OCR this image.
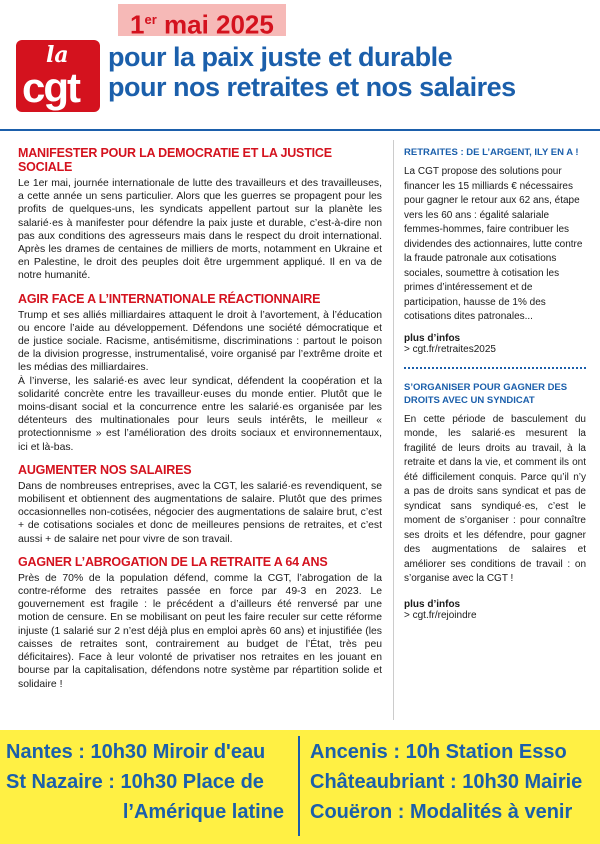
la
cgt
1er mai 2025
pour la paix juste et durable
pour nos retraites et nos salaires
MANIFESTER POUR LA DEMOCRATIE ET LA JUSTICE SOCIALE

Le 1er mai, journée internationale de lutte des travailleurs et des travailleuses, a cette année un sens particulier. Alors que les guerres se propagent pour les profits de quelques-uns, les syndicats appellent partout sur la planète les salarié·es à manifester pour défendre la paix juste et durable, c’est-à-dire non pas aux conditions des agresseurs mais dans le respect du droit international. Après les drames de centaines de milliers de morts, notamment en Ukraine et en Palestine, le droit des peuples doit être urgemment appliqué. Il en va de notre humanité.

AGIR FACE A L’INTERNATIONALE RÉACTIONNAIRE

Trump et ses alliés milliardaires attaquent le droit à l’avortement, à l’éducation ou encore l’aide au développement. Défendons une société démocratique et de justice sociale. Racisme, antisémitisme, discriminations : partout le poison de la division progresse, instrumentalisé, voire organisé par l’extrême droite et les médias des milliardaires.

À l’inverse, les salarié·es avec leur syndicat, défendent la coopération et la solidarité concrète entre les travailleur·euses du monde entier. Plutôt que le moins-disant social et la concurrence entre les salarié·es organisée par les détenteurs des multinationales pour leurs seuls intérêts, le meilleur « protectionnisme » est l’amélioration des droits sociaux et environnementaux, ici et là-bas.

AUGMENTER NOS SALAIRES

Dans de nombreuses entreprises, avec la CGT, les salarié·es revendiquent, se mobilisent et obtiennent des augmentations de salaire. Plutôt que des primes occasionnelles non-cotisées, négocier des augmentations de salaire brut, c’est + de cotisations sociales et donc de meilleures pensions de retraites, et c’est aussi + de salaire net pour vivre de son travail.

GAGNER L’ABROGATION DE LA RETRAITE A 64 ANS

Près de 70% de la population défend, comme la CGT, l’abrogation de la contre-réforme des retraites passée en force par 49-3 en 2023. Le gouvernement est fragile : le précédent a d’ailleurs été renversé par une motion de censure. En se mobilisant on peut les faire reculer sur cette réforme injuste (1 salarié sur 2 n’est déjà plus en emploi après 60 ans) et injustifiée (les caisses de retraites sont, contrairement au budget de l’État, très peu déficitaires). Face à leur volonté de privatiser nos retraites en les jouant en bourse par la capitalisation, défendons notre système par répartition solide et solidaire !

RETRAITES : DE L’ARGENT, ILY EN A !

La CGT propose des solutions pour financer les 15 milliards € nécessaires pour gagner le retour aux 62 ans, étape vers les 60 ans : égalité salariale femmes-hommes, faire contribuer les dividendes des actionnaires, lutte contre la fraude patronale aux cotisations sociales, soumettre à cotisation les primes d’intéressement et de participation, hausse de 1% des cotisations dites patronales...

plus d’infos
> cgt.fr/retraites2025
S’ORGANISER POUR GAGNER DES DROITS AVEC UN SYNDICAT

En cette période de basculement du monde, les salarié·es mesurent la fragilité de leurs droits au travail, à la retraite et dans la vie, et comment ils ont été difficilement conquis. Parce qu’il n’y a pas de droits sans syndicat et pas de syndicat sans syndiqué·es, c’est le moment de s’organiser : pour connaître ses droits et les défendre, pour gagner des augmentations de salaires et améliorer ses conditions de travail : on s’organise avec la CGT !

plus d’infos
> cgt.fr/rejoindre
Nantes : 10h30 Miroir d'eau
St Nazaire : 10h30 Place de
l’Amérique latine
Ancenis : 10h Station Esso
Châteaubriant : 10h30 Mairie
Couëron : Modalités à venir
